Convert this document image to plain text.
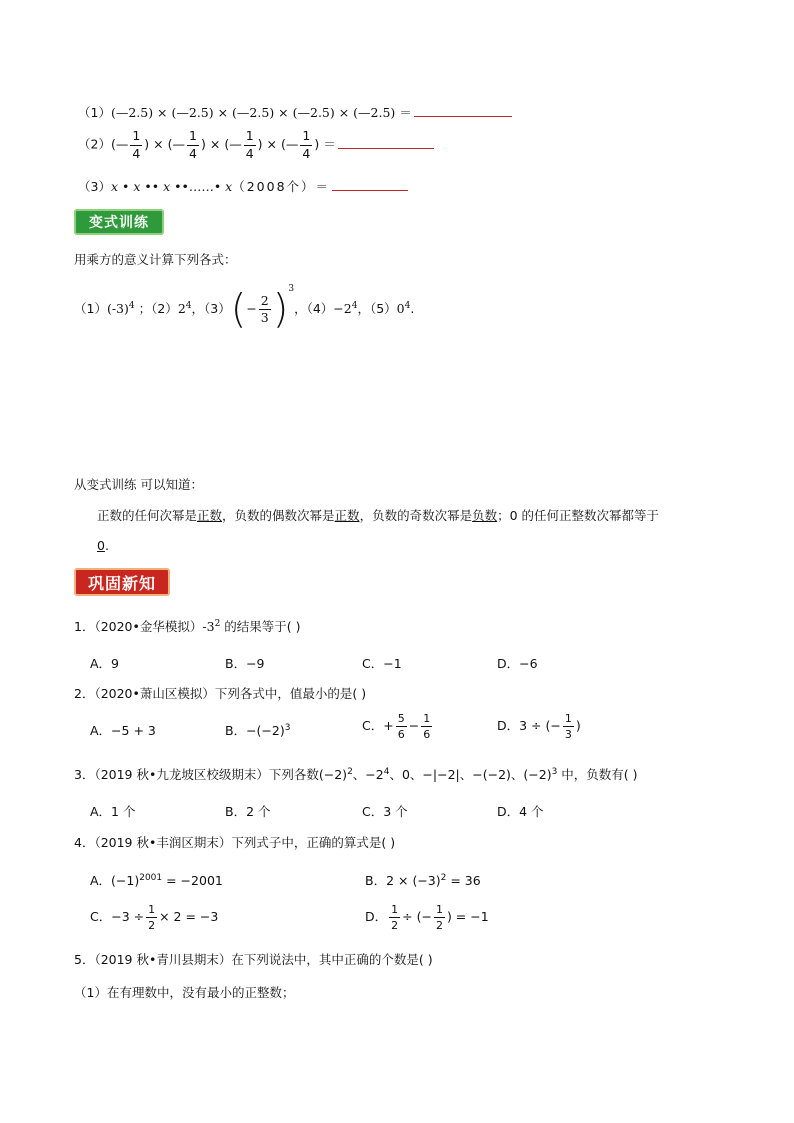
（1）(—2.5) × (—2.5) × (—2.5) × (—2.5) × (—2.5) ＝
（2）(— $\frac{1}{4}$ ) × (— $\frac{1}{4}$ ) × (— $\frac{1}{4}$ ) × (— $\frac{1}{4}$ ) ＝
（3）x • x •• x ••……• x（2008个）＝
变式训练
用乘方的意义计算下列各式：
$(1)(-3)^4$ ；$(2)2^4$，$(3)(- \frac{2}{3} )^3$，$(4)-2^4$，$(5)0^4$.
从变式训练 可以知道：
正数的任何次幂是正数，负数的偶数次幂是正数，负数的奇数次幂是负数；0 的任何正整数次幂都等于
0.
巩固新知
1．（2020•金华模拟）$-3^2$ 的结果等于( )
A．9	B．−9	C．−1	D．−6
2．（2020•萧山区模拟）下列各式中，值最小的是( )
A．−5 + 3	B．$-(-2)^3$	C．+ $\frac{5}{6} - \frac{1}{6}$	D．3 ÷ (− $\frac{1}{3}$ )
3．（2019 秋•九龙坡区校级期末）下列各数$(-2)^2$、$-2^4$、0、−|−2|、−(−2)、$(-2)^3$ 中，负数有( )
A．1 个	B．2 个	C．3 个	D．4 个
4．（2019 秋•丰润区期末）下列式子中，正确的算式是( )
A．$(-1)^{2001} = -2001$	B．$2 \times (-3)^2 = 36$
C．$-3 \div \frac{1}{2} \times 2 = -3$	D． $\frac{1}{2}$ ÷ (− $\frac{1}{2}$ ) = −1
5．（2019 秋•青川县期末）在下列说法中，其中正确的个数是( )
（1）在有理数中，没有最小的正整数；
